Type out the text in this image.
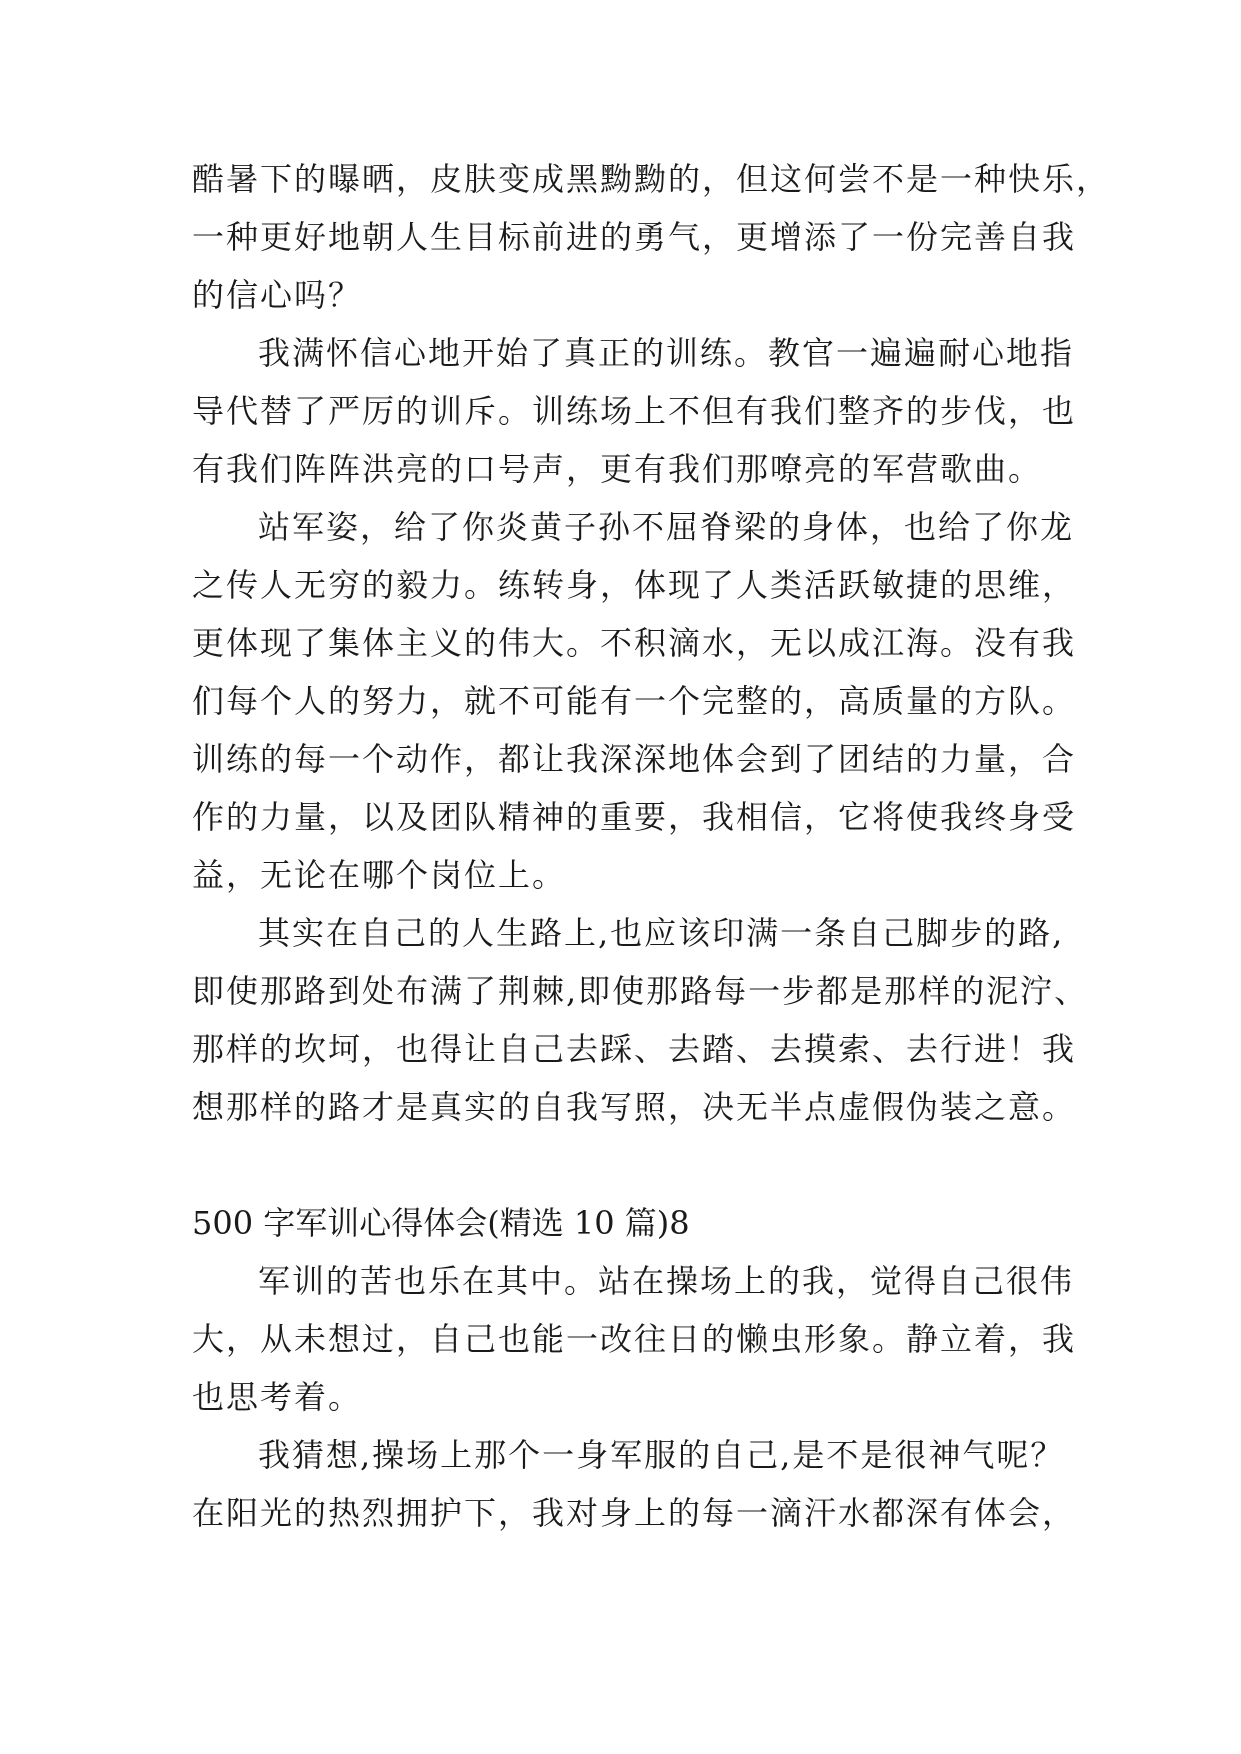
酷暑下的曝晒，皮肤变成黑黝黝的，但这何尝不是一种快乐，
一种更好地朝人生目标前进的勇气，更增添了一份完善自我
的信心吗？
我满怀信心地开始了真正的训练。教官一遍遍耐心地指
导代替了严厉的训斥。训练场上不但有我们整齐的步伐，也
有我们阵阵洪亮的口号声，更有我们那嘹亮的军营歌曲。
站军姿，给了你炎黄子孙不屈脊梁的身体，也给了你龙
之传人无穷的毅力。练转身，体现了人类活跃敏捷的思维，
更体现了集体主义的伟大。不积滴水，无以成江海。没有我
们每个人的努力，就不可能有一个完整的，高质量的方队。
训练的每一个动作，都让我深深地体会到了团结的力量，合
作的力量，以及团队精神的重要，我相信，它将使我终身受
益，无论在哪个岗位上。
其实在自己的人生路上,也应该印满一条自己脚步的路,
即使那路到处布满了荆棘,即使那路每一步都是那样的泥泞、
那样的坎坷，也得让自己去踩、去踏、去摸索、去行进！我
想那样的路才是真实的自我写照，决无半点虚假伪装之意。
500 字军训心得体会(精选 10 篇)8
军训的苦也乐在其中。站在操场上的我，觉得自己很伟
大，从未想过，自己也能一改往日的懒虫形象。静立着，我
也思考着。
我猜想,操场上那个一身军服的自己,是不是很神气呢？
在阳光的热烈拥护下，我对身上的每一滴汗水都深有体会，
